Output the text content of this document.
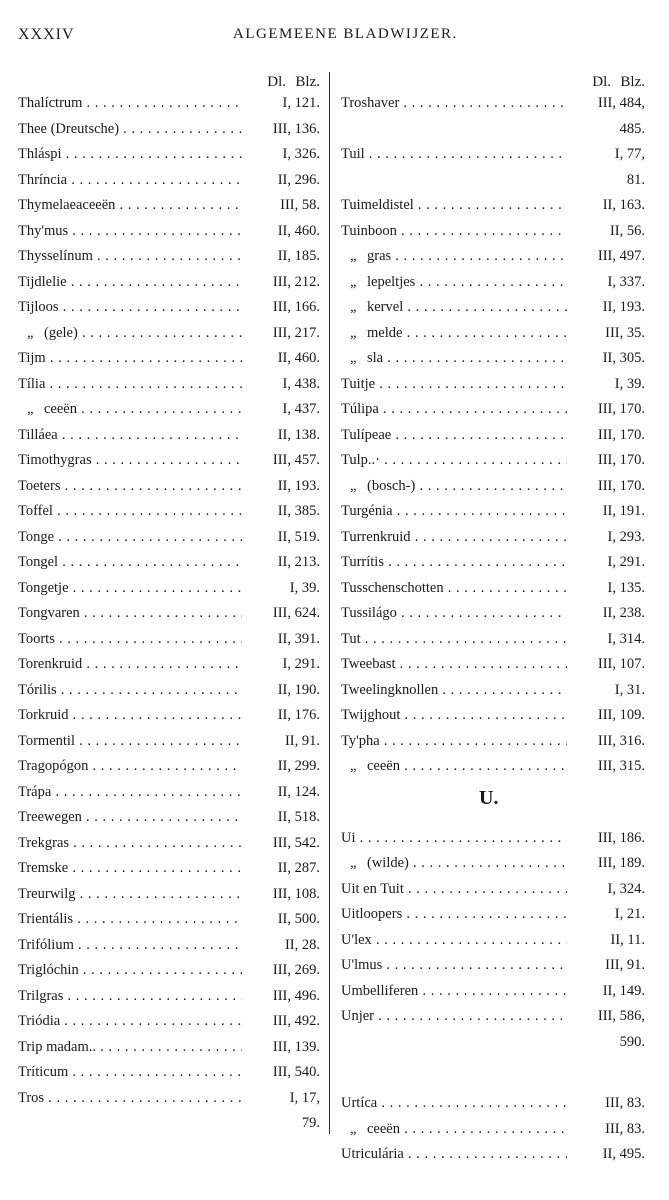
XXXIV	ALGEMEENE BLADWIJZER.
Dl. Blz.
Thalíctrum . . .	I, 121.
Thee (Dreutsche) . . .	III, 136.
Thláspi . . .	I, 326.
Thríncia . . .	II, 296.
Thymelaeaceeën . . .	III, 58.
Thy'mus . . .	II, 460.
Thysselínum . . .	II, 185.
Tijdlelie . . .	III, 212.
Tijloos . . .	III, 166.
„ (gele) . . .	III, 217.
Tijm . . .	II, 460.
Tília . . .	I, 438.
„ ceeën . . .	I, 437.
Tilláea . . .	II, 138.
Timothygras . . .	III, 457.
Toeters . . .	II, 193.
Toffel . . .	II, 385.
Tonge . . .	II, 519.
Tongel . . .	II, 213.
Tongetje . . .	I, 39.
Tongvaren . . .	III, 624.
Toorts . . .	II, 391.
Torenkruid . . .	I, 291.
Tórilis . . .	II, 190.
Torkruid . . .	II, 176.
Tormentil . . .	II, 91.
Tragopógon . . .	II, 299.
Trápa . . .	II, 124.
Treewegen . . .	II, 518.
Trekgras . . .	III, 542.
Tremske . . .	II, 287.
Treurwilg . . .	III, 108.
Trientális . . .	II, 500.
Trifólium . . .	II, 28.
Triglóchin . . .	III, 269.
Trilgras . . .	III, 496.
Triódia . . .	III, 492.
Trip madam.. . . .	III, 139.
Tríticum . . .	III, 540.
Tros . . .	I, 17,
79.
Dl. Blz.
Troshaver . . .	III, 484,
485.
Tuil . . .	I, 77,
81.
Tuimeldistel . . .	II, 163.
Tuinboon . . .	II, 56.
„ gras . . .	III, 497.
„ lepeltjes . . .	I, 337.
„ kervel . . .	II, 193.
„ melde . . .	III, 35.
„ sla . . .	II, 305.
Tuitje . . .	I, 39.
Túlipa . . .	III, 170.
Tulípeae . . .	III, 170.
Tulp..· . . .	III, 170.
„ (bosch-) . . .	III, 170.
Turgénia . . .	II, 191.
Turrenkruid . . .	I, 293.
Turrítis . . .	I, 291.
Tusschenschotten . . .	I, 135.
Tussilágo . . .	II, 238.
Tut . . .	I, 314.
Tweebast . . .	III, 107.
Tweelingknollen . . .	I, 31.
Twijghout . . .	III, 109.
Ty'pha . . .	III, 316.
„ ceeën . . .	III, 315.
U.
Ui . . .	III, 186.
„ (wilde) . . .	III, 189.
Uit en Tuit . . .	I, 324.
Uitloopers . . .	I, 21.
U'lex . . .	II, 11.
U'lmus . . .	III, 91.
Umbelliferen . . .	II, 149.
Unjer . . .	III, 586,
590.
Urtíca . . .	III, 83.
„ ceeën . . .	III, 83.
Utriculária . . .	II, 495.
